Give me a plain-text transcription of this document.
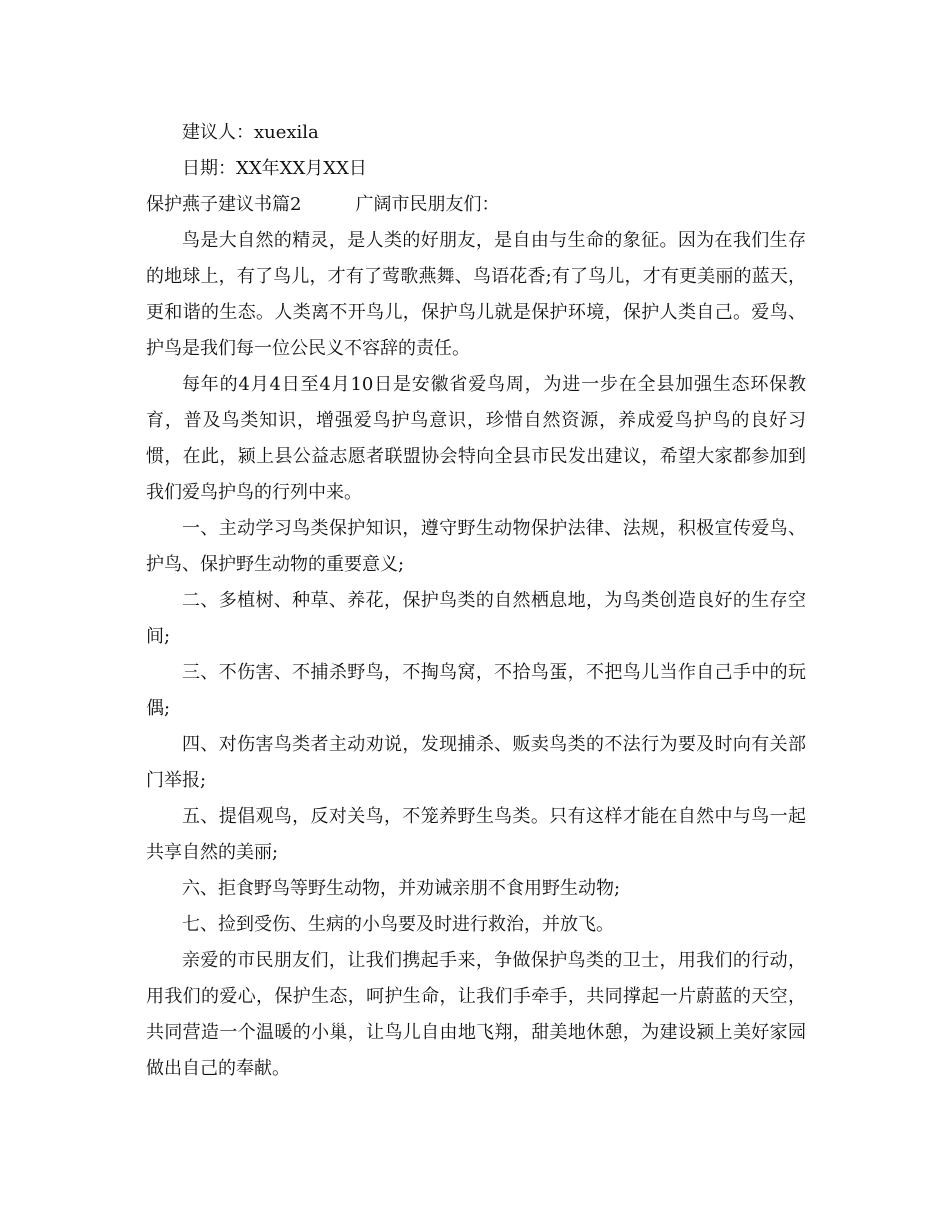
建议人：xuexila
日期：XX年XX月XX日
保护燕子建议书篇2	广阔市民朋友们：

鸟是大自然的精灵，是人类的好朋友，是自由与生命的象征。因为在我们生存的地球上，有了鸟儿，才有了莺歌燕舞、鸟语花香;有了鸟儿，才有更美丽的蓝天，更和谐的生态。人类离不开鸟儿，保护鸟儿就是保护环境，保护人类自己。爱鸟、护鸟是我们每一位公民义不容辞的责任。

每年的4月4日至4月10日是安徽省爱鸟周，为进一步在全县加强生态环保教育，普及鸟类知识，增强爱鸟护鸟意识，珍惜自然资源，养成爱鸟护鸟的良好习惯，在此，颍上县公益志愿者联盟协会特向全县市民发出建议，希望大家都参加到我们爱鸟护鸟的行列中来。

一、主动学习鸟类保护知识，遵守野生动物保护法律、法规，积极宣传爱鸟、护鸟、保护野生动物的重要意义;

二、多植树、种草、养花，保护鸟类的自然栖息地，为鸟类创造良好的生存空间;

三、不伤害、不捕杀野鸟，不掏鸟窝，不拾鸟蛋，不把鸟儿当作自己手中的玩偶;

四、对伤害鸟类者主动劝说，发现捕杀、贩卖鸟类的不法行为要及时向有关部门举报;

五、提倡观鸟，反对关鸟，不笼养野生鸟类。只有这样才能在自然中与鸟一起共享自然的美丽;

六、拒食野鸟等野生动物，并劝诫亲朋不食用野生动物;

七、捡到受伤、生病的小鸟要及时进行救治，并放飞。

亲爱的市民朋友们，让我们携起手来，争做保护鸟类的卫士，用我们的行动，用我们的爱心，保护生态，呵护生命，让我们手牵手，共同撑起一片蔚蓝的天空，共同营造一个温暖的小巢，让鸟儿自由地飞翔，甜美地休憩，为建设颍上美好家园做出自己的奉献。
